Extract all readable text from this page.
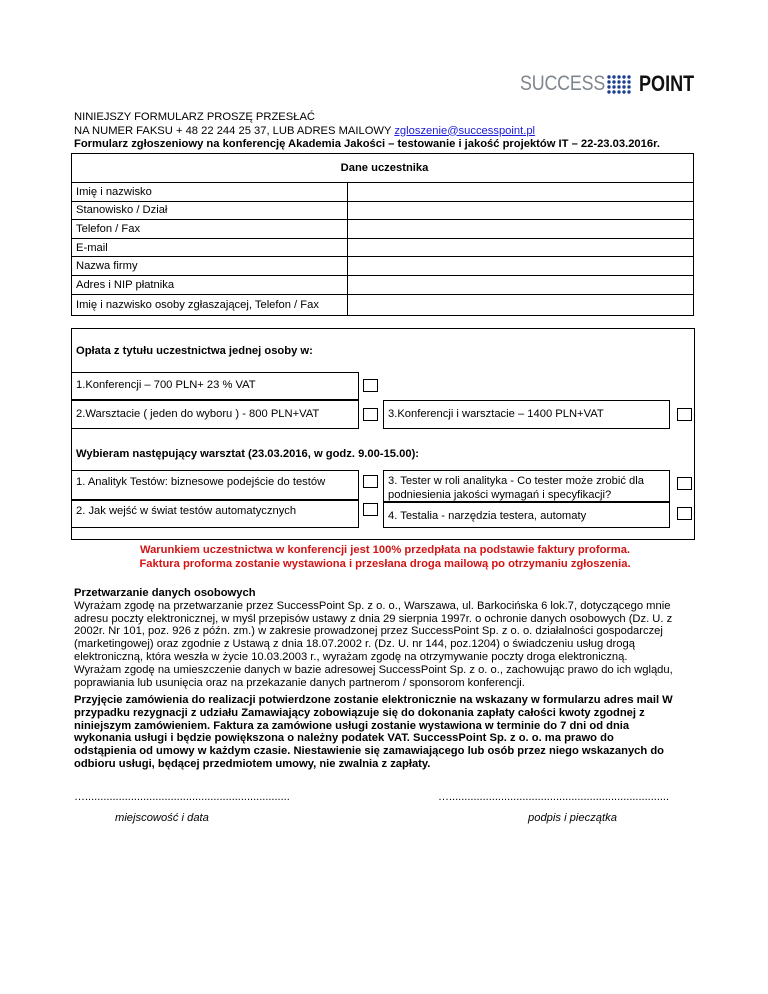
SUCCESS POINT
NINIEJSZY FORMULARZ PROSZĘ PRZESŁAĆ
NA NUMER FAKSU + 48 22 244 25 37, LUB ADRES MAILOWY zgloszenie@successpoint.pl
Formularz zgłoszeniowy na konferencję Akademia Jakości – testowanie i jakość projektów IT – 22-23.03.2016r.
Dane uczestnika	
Imię i nazwisko	
Stanowisko / Dział	
Telefon / Fax	
E-mail	
Nazwa firmy	
Adres i NIP płatnika	
Imię i nazwisko osoby zgłaszającej, Telefon / Fax	
Opłata z tytułu uczestnictwa jednej osoby w:
1.Konferencji – 700 PLN+ 23 % VAT
2.Warsztacie ( jeden do wyboru ) - 800 PLN+VAT	3.Konferencji i warsztacie – 1400 PLN+VAT
Wybieram następujący warsztat (23.03.2016, w godz. 9.00-15.00):
1. Analityk Testów: biznesowe podejście do testów	3. Tester w roli analityka - Co tester może zrobić dla
podniesienia jakości wymagań i specyfikacji?
2. Jak wejść w świat testów automatycznych	4. Testalia - narzędzia testera, automaty
Warunkiem uczestnictwa w konferencji jest 100% przedpłata na podstawie faktury proforma.
Faktura proforma zostanie wystawiona i przesłana droga mailową po otrzymaniu zgłoszenia.
Przetwarzanie danych osobowych
Wyrażam zgodę na przetwarzanie przez SuccessPoint Sp. z o. o., Warszawa, ul. Barkocińska 6 lok.7, dotyczącego mnie
adresu poczty elektronicznej, w myśl przepisów ustawy z dnia 29 sierpnia 1997r. o ochronie danych osobowych (Dz. U. z
2002r. Nr 101, poz. 926 z późn. zm.) w zakresie prowadzonej przez SuccessPoint Sp. z o. o. działalności gospodarczej
(marketingowej) oraz zgodnie z Ustawą z dnia 18.07.2002 r. (Dz. U. nr 144, poz.1204) o świadczeniu usług drogą
elektroniczną, która weszła w życie 10.03.2003 r., wyrażam zgodę na otrzymywanie poczty droga elektroniczną.
Wyrażam zgodę na umieszczenie danych w bazie adresowej SuccessPoint Sp. z o. o., zachowując prawo do ich wglądu,
poprawiania lub usunięcia oraz na przekazanie danych partnerom / sponsorom konferencji.
Przyjęcie zamówienia do realizacji potwierdzone zostanie elektronicznie na wskazany w formularzu adres mail W
przypadku rezygnacji z udziału Zamawiający zobowiązuje się do dokonania zapłaty całości kwoty zgodnej z
niniejszym zamówieniem. Faktura za zamówione usługi zostanie wystawiona w terminie do 7 dni od dnia
wykonania usługi i będzie powiększona o należny podatek VAT. SuccessPoint Sp. z o. o. ma prawo do
odstąpienia od umowy w każdym czasie. Niestawienie się zamawiającego lub osób przez niego wskazanych do
odbioru usługi, będącej przedmiotem umowy, nie zwalnia z zapłaty.
…...................................................................	…........................................................................
miejscowość i data	podpis i pieczątka
